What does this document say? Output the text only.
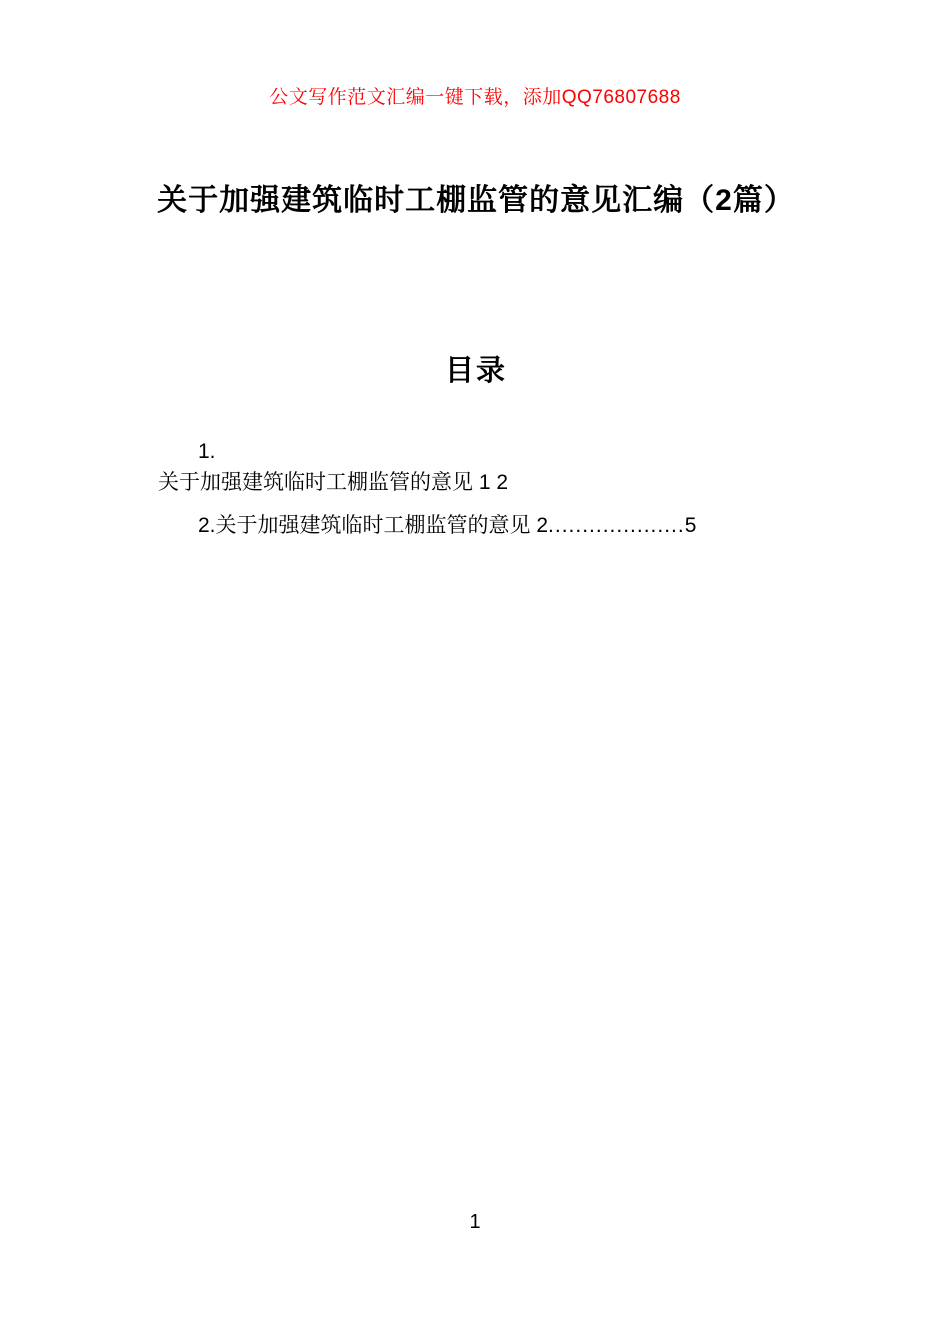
公文写作范文汇编一键下载，添加QQ76807688
关于加强建筑临时工棚监管的意见汇编（2篇）
目录
1.
关于加强建筑临时工棚监管的意见 1 2
2.关于加强建筑临时工棚监管的意见 2....................5
1
